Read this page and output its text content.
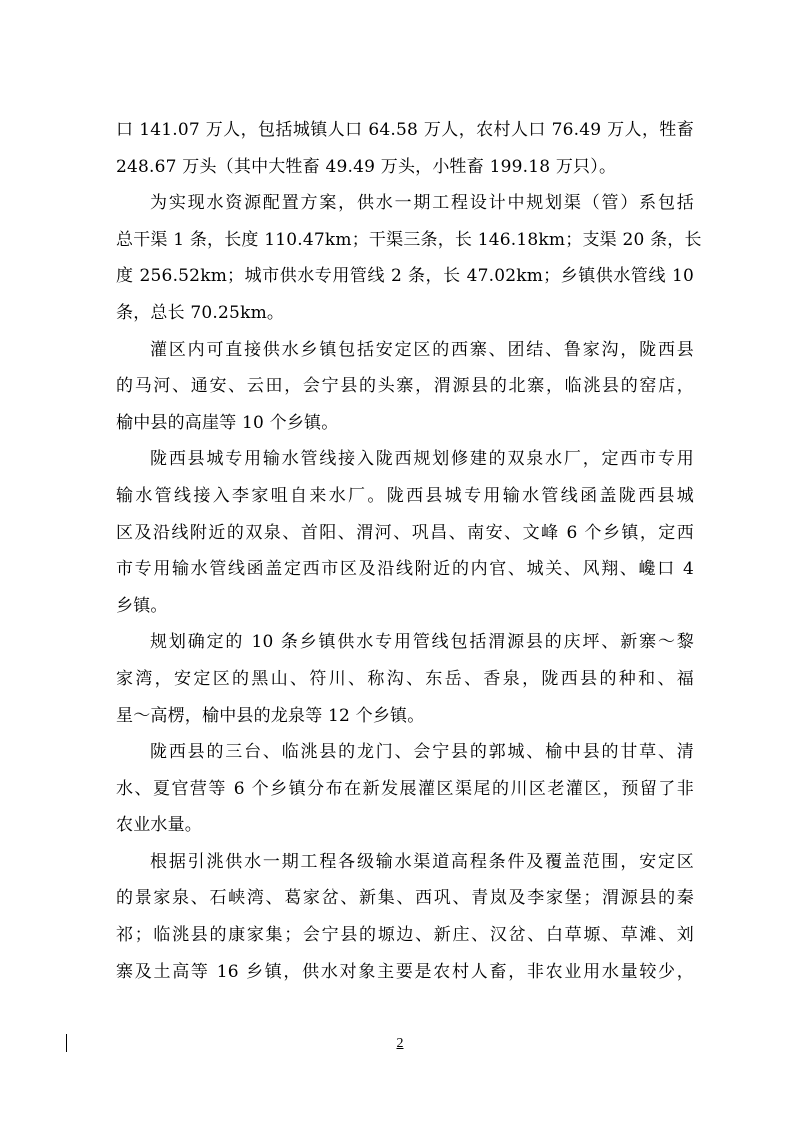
口 141.07 万人，包括城镇人口 64.58 万人，农村人口 76.49 万人，牲畜
248.67 万头（其中大牲畜 49.49 万头，小牲畜 199.18 万只）。
为实现水资源配置方案，供水一期工程设计中规划渠（管）系包括
总干渠 1 条，长度 110.47km；干渠三条，长 146.18km；支渠 20 条，长
度 256.52km；城市供水专用管线 2 条，长 47.02km；乡镇供水管线 10
条，总长 70.25km。
灌区内可直接供水乡镇包括安定区的西寨、团结、鲁家沟，陇西县
的马河、通安、云田，会宁县的头寨，渭源县的北寨，临洮县的窑店，
榆中县的高崖等 10 个乡镇。
陇西县城专用输水管线接入陇西规划修建的双泉水厂，定西市专用
输水管线接入李家咀自来水厂。陇西县城专用输水管线函盖陇西县城
区及沿线附近的双泉、首阳、渭河、巩昌、南安、文峰 6 个乡镇，定西
市专用输水管线函盖定西市区及沿线附近的内官、城关、风翔、巉口 4
乡镇。
规划确定的 10 条乡镇供水专用管线包括渭源县的庆坪、新寨～黎
家湾，安定区的黑山、符川、称沟、东岳、香泉，陇西县的种和、福
星～高楞，榆中县的龙泉等 12 个乡镇。
陇西县的三台、临洮县的龙门、会宁县的郭城、榆中县的甘草、清
水、夏官营等 6 个乡镇分布在新发展灌区渠尾的川区老灌区，预留了非
农业水量。
根据引洮供水一期工程各级输水渠道高程条件及覆盖范围，安定区
的景家泉、石峡湾、葛家岔、新集、西巩、青岚及李家堡；渭源县的秦
祁；临洮县的康家集；会宁县的塬边、新庄、汉岔、白草塬、草滩、刘
寨及土高等 16 乡镇，供水对象主要是农村人畜，非农业用水量较少，
2
